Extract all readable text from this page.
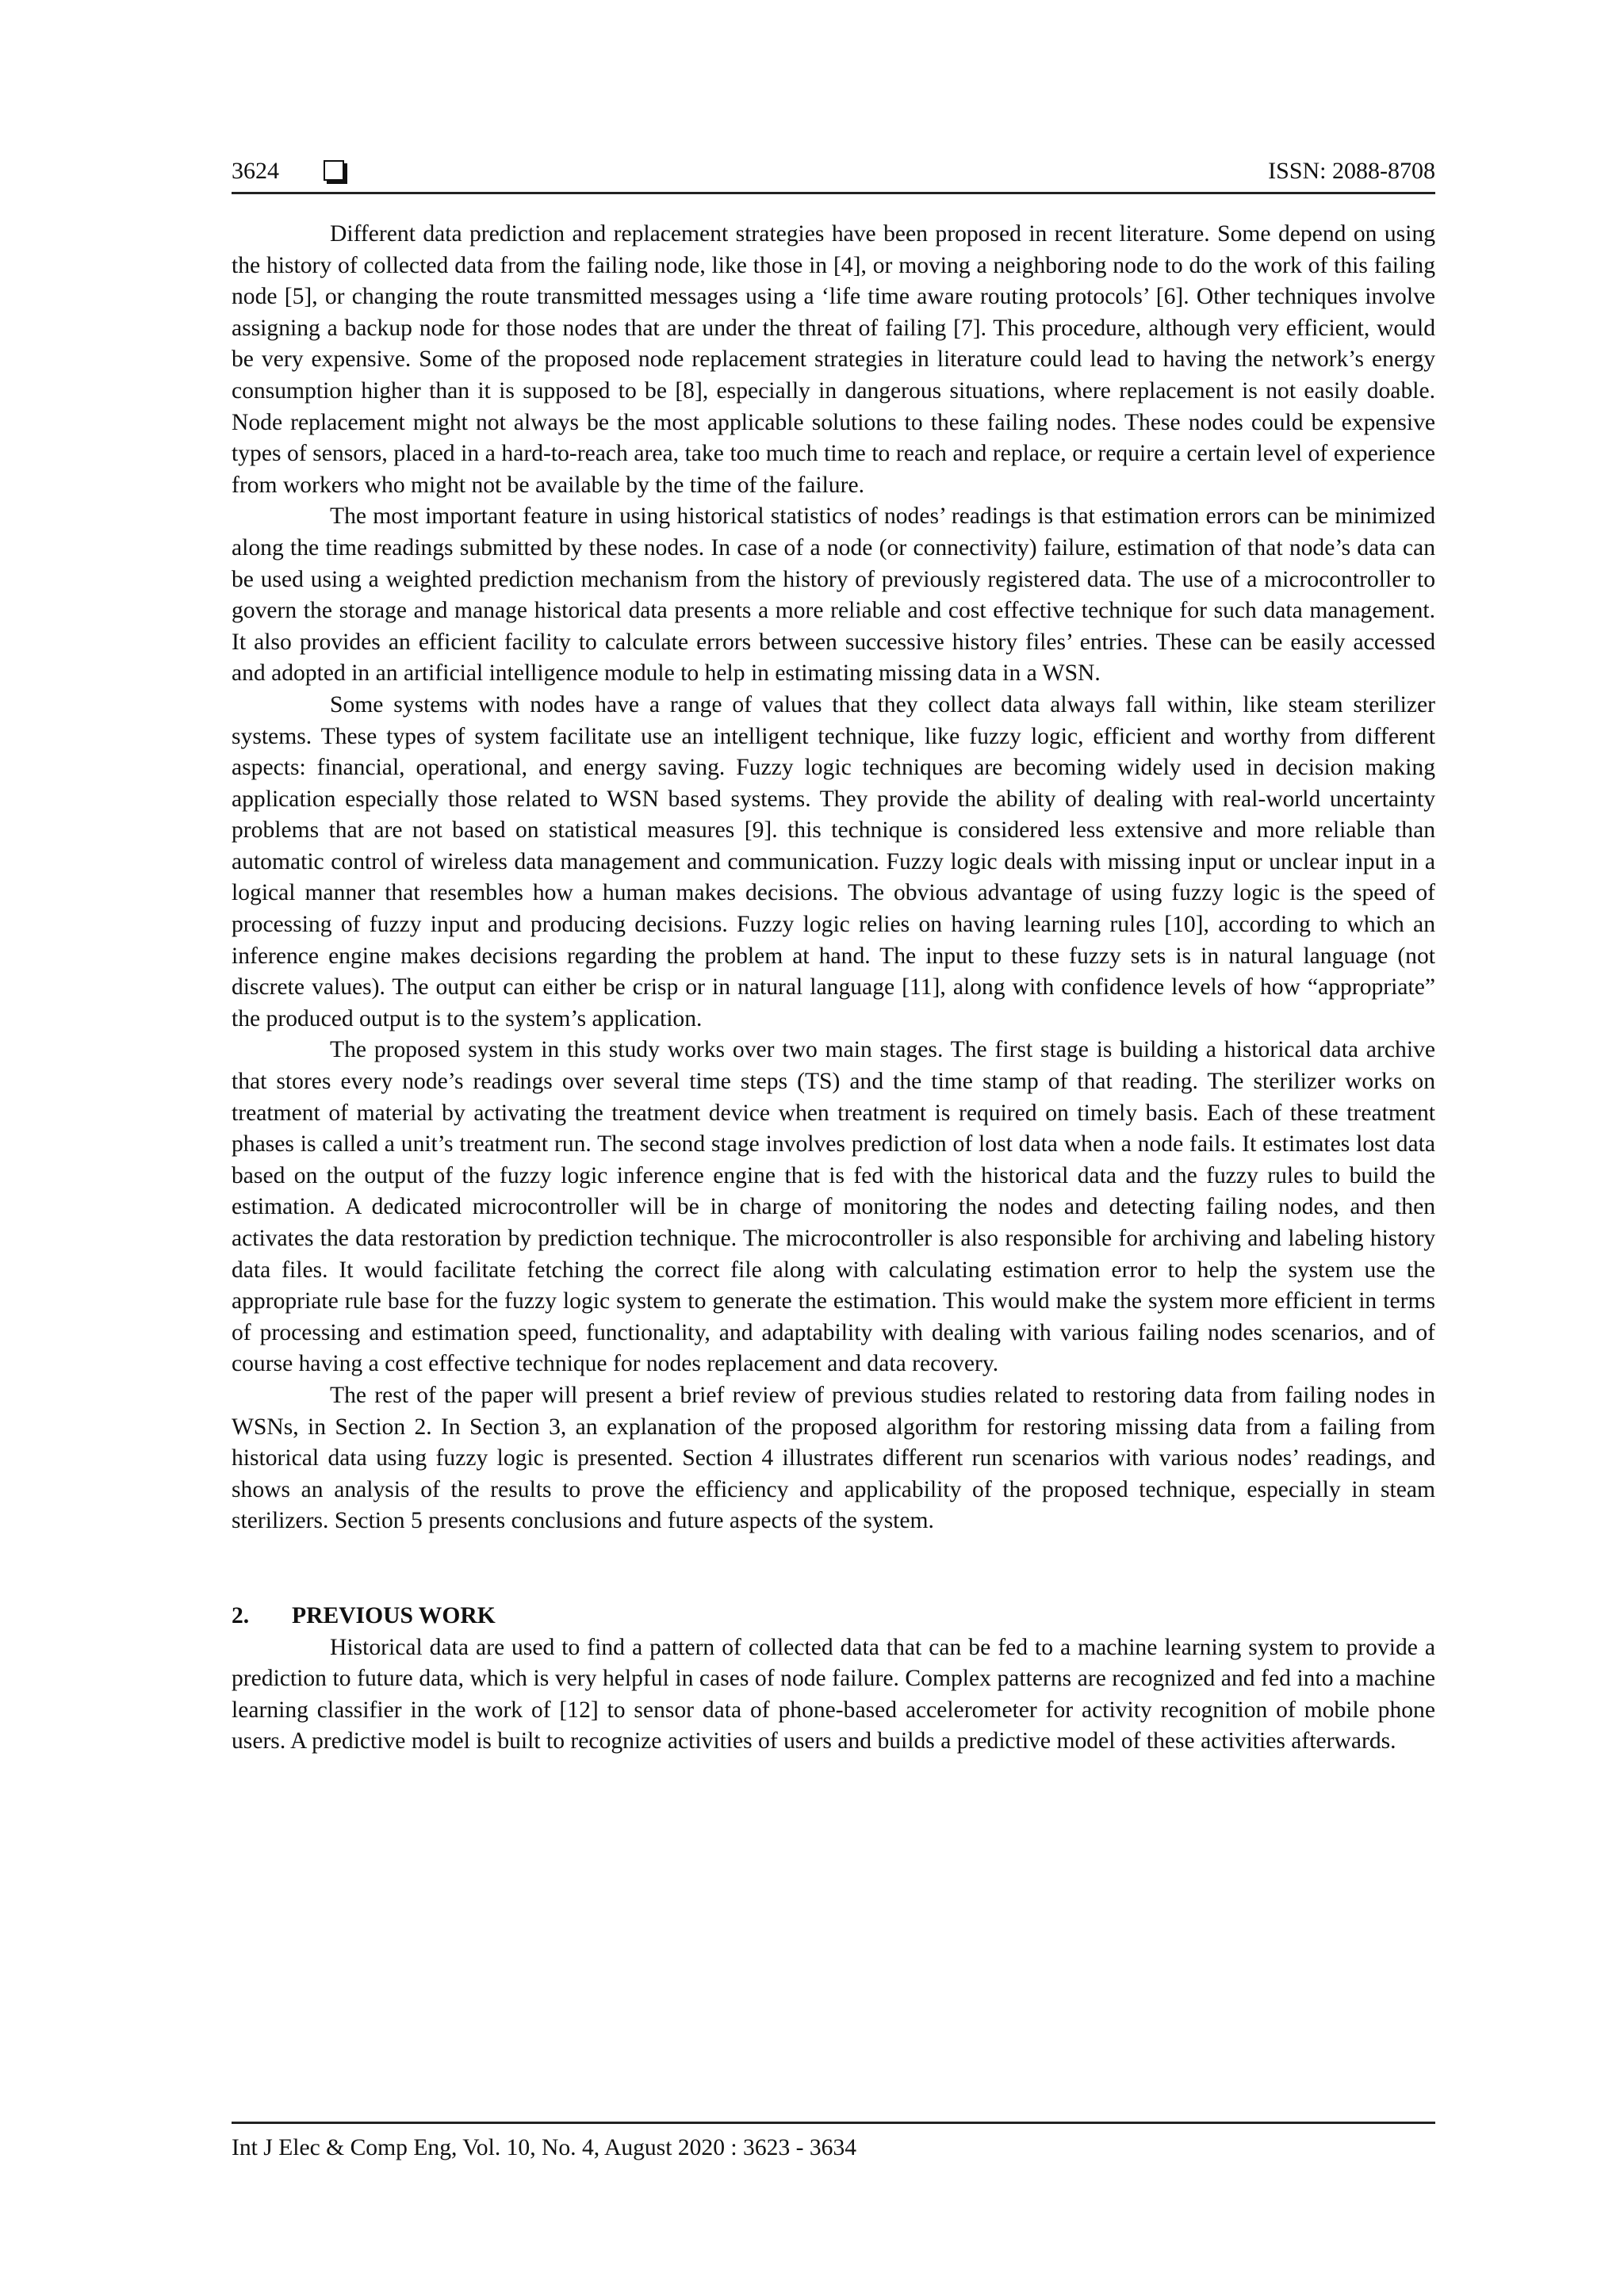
3624	ISSN: 2088-8708

Different data prediction and replacement strategies have been proposed in recent literature. Some depend on using the history of collected data from the failing node, like those in [4], or moving a neighboring node to do the work of this failing node [5], or changing the route transmitted messages using a ‘life time aware routing protocols’ [6]. Other techniques involve assigning a backup node for those nodes that are under the threat of failing [7]. This procedure, although very efficient, would be very expensive. Some of the proposed node replacement strategies in literature could lead to having the network’s energy consumption higher than it is supposed to be [8], especially in dangerous situations, where replacement is not easily doable. Node replacement might not always be the most applicable solutions to these failing nodes. These nodes could be expensive types of sensors, placed in a hard-to-reach area, take too much time to reach and replace, or require a certain level of experience from workers who might not be available by the time of the failure.

The most important feature in using historical statistics of nodes’ readings is that estimation errors can be minimized along the time readings submitted by these nodes. In case of a node (or connectivity) failure, estimation of that node’s data can be used using a weighted prediction mechanism from the history of previously registered data. The use of a microcontroller to govern the storage and manage historical data presents a more reliable and cost effective technique for such data management. It also provides an efficient facility to calculate errors between successive history files’ entries. These can be easily accessed and adopted in an artificial intelligence module to help in estimating missing data in a WSN.

Some systems with nodes have a range of values that they collect data always fall within, like steam sterilizer systems. These types of system facilitate use an intelligent technique, like fuzzy logic, efficient and worthy from different aspects: financial, operational, and energy saving. Fuzzy logic techniques are becoming widely used in decision making application especially those related to WSN based systems. They provide the ability of dealing with real-world uncertainty problems that are not based on statistical measures [9]. this technique is considered less extensive and more reliable than automatic control of wireless data management and communication. Fuzzy logic deals with missing input or unclear input in a logical manner that resembles how a human makes decisions. The obvious advantage of using fuzzy logic is the speed of processing of fuzzy input and producing decisions. Fuzzy logic relies on having learning rules [10], according to which an inference engine makes decisions regarding the problem at hand. The input to these fuzzy sets is in natural language (not discrete values). The output can either be crisp or in natural language [11], along with confidence levels of how “appropriate” the produced output is to the system’s application.

The proposed system in this study works over two main stages. The first stage is building a historical data archive that stores every node’s readings over several time steps (TS) and the time stamp of that reading. The sterilizer works on treatment of material by activating the treatment device when treatment is required on timely basis. Each of these treatment phases is called a unit’s treatment run. The second stage involves prediction of lost data when a node fails. It estimates lost data based on the output of the fuzzy logic inference engine that is fed with the historical data and the fuzzy rules to build the estimation. A dedicated microcontroller will be in charge of monitoring the nodes and detecting failing nodes, and then activates the data restoration by prediction technique. The microcontroller is also responsible for archiving and labeling history data files. It would facilitate fetching the correct file along with calculating estimation error to help the system use the appropriate rule base for the fuzzy logic system to generate the estimation. This would make the system more efficient in terms of processing and estimation speed, functionality, and adaptability with dealing with various failing nodes scenarios, and of course having a cost effective technique for nodes replacement and data recovery.

The rest of the paper will present a brief review of previous studies related to restoring data from failing nodes in WSNs, in Section 2. In Section 3, an explanation of the proposed algorithm for restoring missing data from a failing from historical data using fuzzy logic is presented. Section 4 illustrates different run scenarios with various nodes’ readings, and shows an analysis of the results to prove the efficiency and applicability of the proposed technique, especially in steam sterilizers. Section 5 presents conclusions and future aspects of the system.

2. PREVIOUS WORK

Historical data are used to find a pattern of collected data that can be fed to a machine learning system to provide a prediction to future data, which is very helpful in cases of node failure. Complex patterns are recognized and fed into a machine learning classifier in the work of [12] to sensor data of phone-based accelerometer for activity recognition of mobile phone users. A predictive model is built to recognize activities of users and builds a predictive model of these activities afterwards.

Int J Elec & Comp Eng, Vol. 10, No. 4, August 2020 : 3623 - 3634
